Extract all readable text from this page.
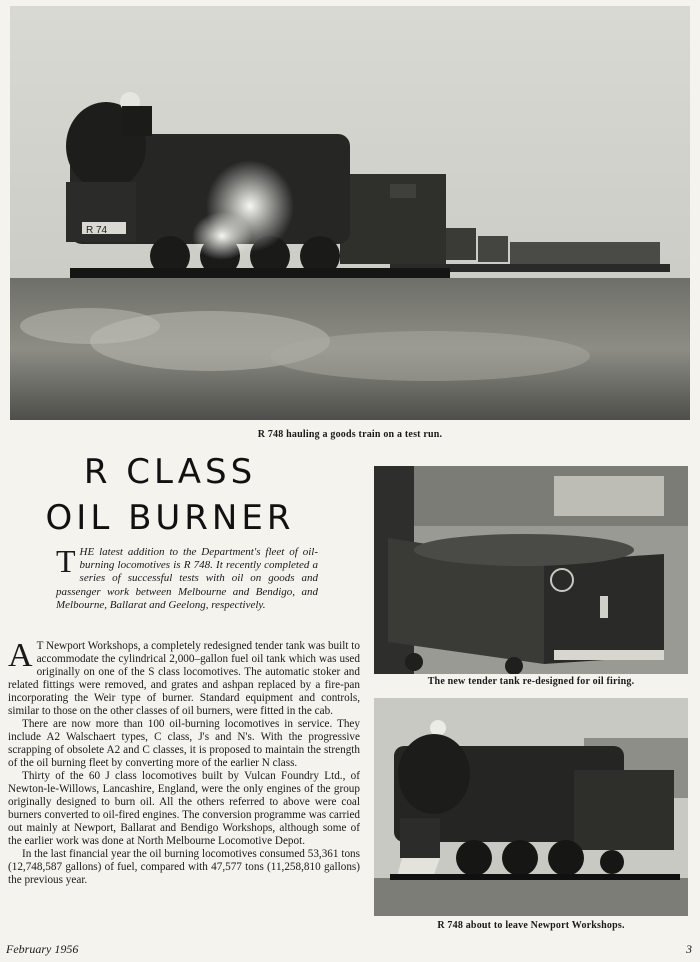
R 74
R 748 hauling a goods train on a test run.
R CLASS
OIL BURNER
THE latest addition to the Department's fleet of oil-burning locomotives is R 748. It recently completed a series of successful tests with oil on goods and passenger work between Melbourne and Bendigo, and Melbourne, Ballarat and Geelong, respectively.

A T Newport Workshops, a completely redesigned tender tank was built to accommodate the cylindrical 2,000–gallon fuel oil tank which was used originally on one of the S class locomotives. The automatic stoker and related fittings were removed, and grates and ashpan replaced by a fire-pan incorporating the Weir type of burner. Standard equipment and controls, similar to those on the other classes of oil burners, were fitted in the cab.

There are now more than 100 oil-burning locomotives in service. They include A2 Walschaert types, C class, J's and N's. With the progressive scrapping of obsolete A2 and C classes, it is proposed to maintain the strength of the oil burning fleet by converting more of the earlier N class.

Thirty of the 60 J class locomotives built by Vulcan Foundry Ltd., of Newton-le-Willows, Lancashire, England, were the only engines of the group originally designed to burn oil. All the others referred to above were coal burners converted to oil-fired engines. The conversion programme was carried out mainly at Newport, Ballarat and Bendigo Workshops, although some of the earlier work was done at North Melbourne Locomotive Depot.

In the last financial year the oil burning locomotives consumed 53,361 tons (12,748,587 gallons) of fuel, compared with 47,577 tons (11,258,810 gallons) the previous year.

The new tender tank re-designed for oil firing.
R 748 about to leave Newport Workshops.
February 1956	3
